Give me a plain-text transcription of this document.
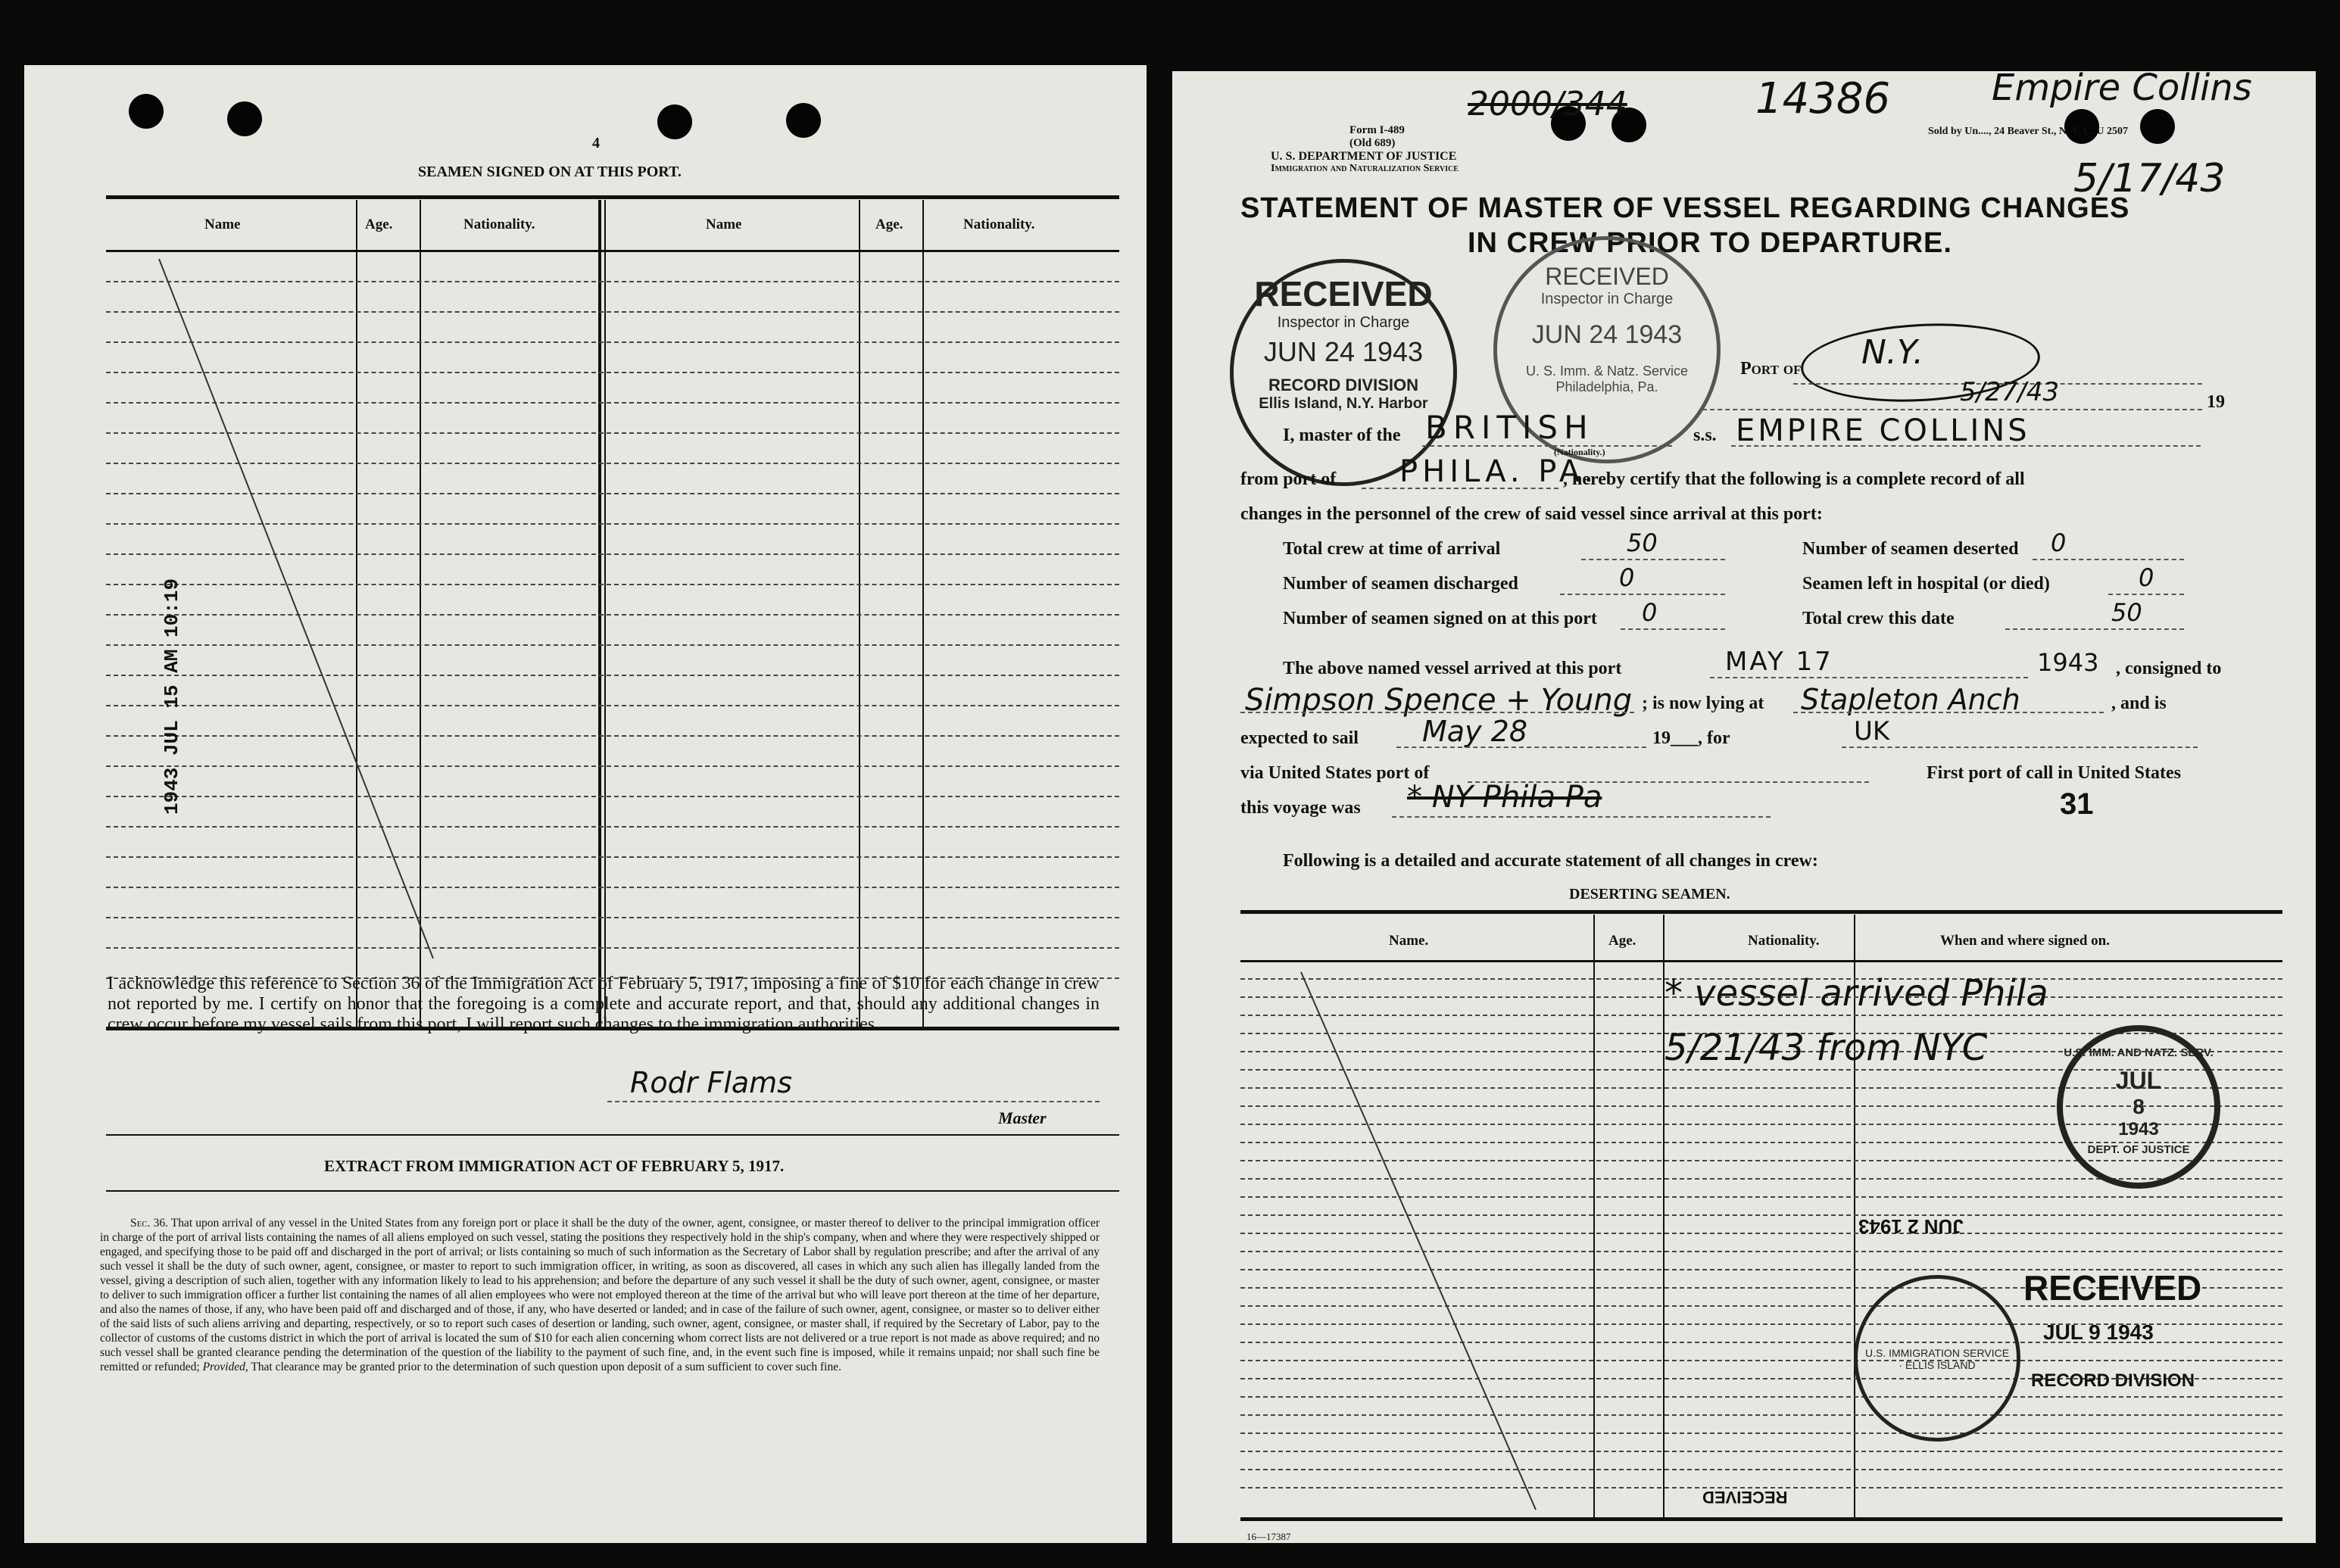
4
SEAMEN SIGNED ON AT THIS PORT.
Name	Age.	Nationality.	Name	Age.	Nationality.
1943 JUL 15 AM 10:19
I acknowledge this reference to Section 36 of the Immigration Act of February 5, 1917, imposing a fine of $10 for each change in crew not reported by me. I certify on honor that the foregoing is a complete and accurate report, and that, should any additional changes in crew occur before my vessel sails from this port, I will report such changes to the immigration authorities.
Rodr Flams
Master
EXTRACT FROM IMMIGRATION ACT OF FEBRUARY 5, 1917.
Sec. 36. That upon arrival of any vessel in the United States from any foreign port or place it shall be the duty of the owner, agent, consignee, or master thereof to deliver to the principal immigration officer in charge of the port of arrival lists containing the names of all aliens employed on such vessel, stating the positions they respectively hold in the ship's company, when and where they were respectively shipped or engaged, and specifying those to be paid off and discharged in the port of arrival; or lists containing so much of such information as the Secretary of Labor shall by regulation prescribe; and after the arrival of any such vessel it shall be the duty of such owner, agent, consignee, or master to report to such immigration officer, in writing, as soon as discovered, all cases in which any such alien has illegally landed from the vessel, giving a description of such alien, together with any information likely to lead to his apprehension; and before the departure of any such vessel it shall be the duty of such owner, agent, consignee, or master to deliver to such immigration officer a further list containing the names of all alien employees who were not employed thereon at the time of the arrival but who will leave port thereon at the time of her departure, and also the names of those, if any, who have been paid off and discharged and of those, if any, who have deserted or landed; and in case of the failure of such owner, agent, consignee, or master so to deliver either of the said lists of such aliens arriving and departing, respectively, or so to report such cases of desertion or landing, such owner, agent, consignee, or master shall, if required by the Secretary of Labor, pay to the collector of customs of the customs district in which the port of arrival is located the sum of $10 for each alien concerning whom correct lists are not delivered or a true report is not made as above required; and no such vessel shall be granted clearance pending the determination of the question of the liability to the payment of such fine, and, in the event such fine is imposed, while it remains unpaid; nor shall such fine be remitted or refunded; Provided, That clearance may be granted prior to the determination of such question upon deposit of a sum sufficient to cover such fine.
Form I-489
(Old 689)
U. S. DEPARTMENT OF JUSTICE
Immigration and Naturalization Service
2000/344	14386	Empire Collins
5/17/43
Sold by Un...., 24 Beaver St., N. Y. C. U 2507
STATEMENT OF MASTER OF VESSEL REGARDING CHANGES
IN CREW PRIOR TO DEPARTURE.
RECEIVED
Inspector in Charge
JUN 24 1943
RECORD DIVISION
Ellis Island, N.Y. Harbor
RECEIVED
Inspector in Charge
JUN 24 1943
U. S. Imm. & Natz. Service
Philadelphia, Pa.
Port of N.Y.
5/27/43	19
I, master of the BRITISH
(Nationality.)
s.s. EMPIRE COLLINS
from port of PHILA. PA.
, hereby certify that the following is a complete record of all
changes in the personnel of the crew of said vessel since arrival at this port:
Total crew at time of arrival	50	Number of seamen deserted 0
Number of seamen discharged	0	Seamen left in hospital (or died)	0
Number of seamen signed on at this port 0	Total crew this date	50
The above named vessel arrived at this port	MAY 17	1943 , consigned to
Simpson Spence + Young ; is now lying at Stapleton Anch	, and is
expected to sail May 28	19___, for	UK
via United States port of	First port of call in United States
this voyage was * NY Phila Pa	31
Following is a detailed and accurate statement of all changes in crew:
DESERTING SEAMEN.
Name.	Age.	Nationality.	When and where signed on.
* vessel arrived Phila
5/21/43 from NYC	U.S. IMM. AND NATZ. SERV.
JUL
8
1943
DEPT. OF JUSTICE
JUN 2 1943
U.S. IMMIGRATION SERVICE · ELLIS ISLAND
RECEIVED
JUL 9 1943
RECORD DIVISION
16—17387
RECEIVED
